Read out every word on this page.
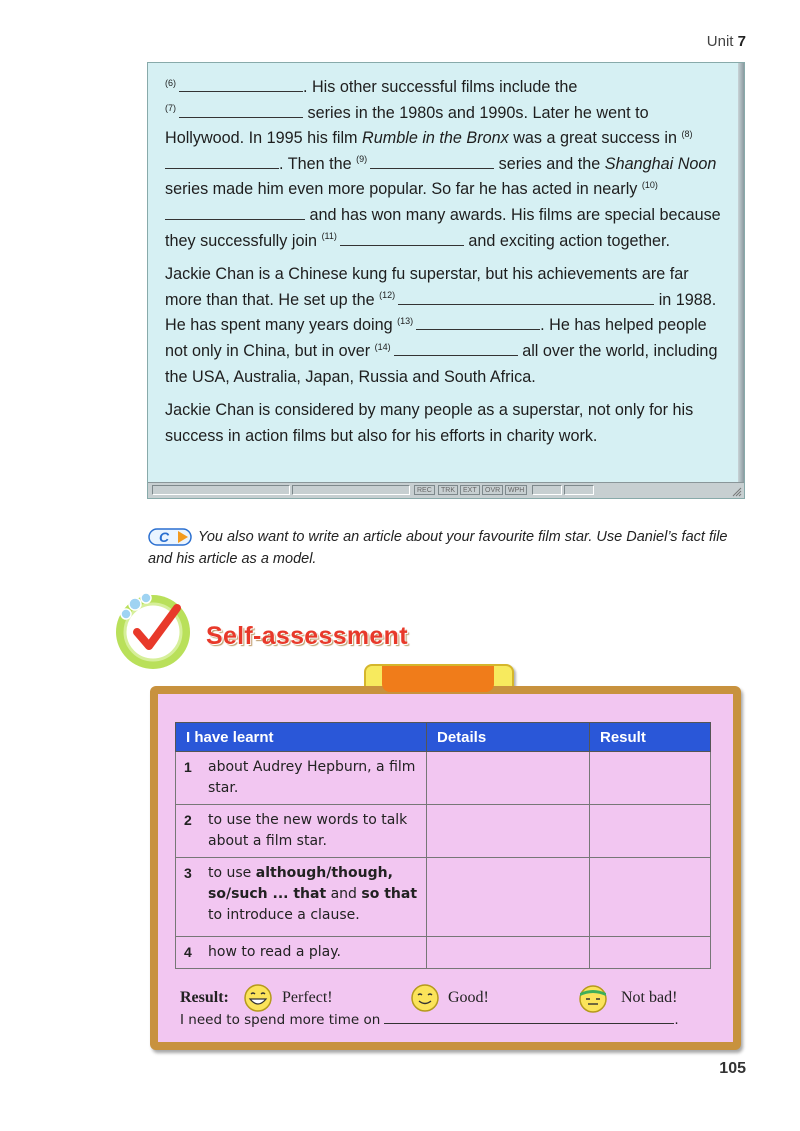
Unit 7

$^{(6)}$	. His other successful films include the
$^{(7)}$	series in the 1980s and 1990s. Later he went to Hollywood. In 1995 his film Rumble in the Bronx was a great success in $^{(8)}$. Then the $^{(9)}$	series and the Shanghai Noon series made him even more popular. So far he has acted in nearly $^{(10)}$ and has won many awards. His films are special because they successfully join $^{(11)}$	and exciting action together.

Jackie Chan is a Chinese kung fu superstar, but his achievements are far more than that. He set up the $^{(12)}$	in 1988. He has spent many years doing $^{(13)}$	. He has helped people not only in China, but in over $^{(14)}$	all over the world, including the USA, Australia, Japan, Russia and South Africa.

Jackie Chan is considered by many people as a superstar, not only for his success in action films but also for his efforts in charity work.

REC	TRK	EXT	OVR	WPH
C You also want to write an article about your favourite film star. Use Daniel’s fact file and his article as a model.
Self-assessment
I have learnt	Details	Result
1 about Audrey Hepburn, a film star.		
2 to use the new words to talk about a film star.		
3 to use although/though, so/such ... that and so that to introduce a clause.		
4 how to read a play.		
Result:	Perfect!	Good!	Not bad!
I need to spend more time on	.
105
